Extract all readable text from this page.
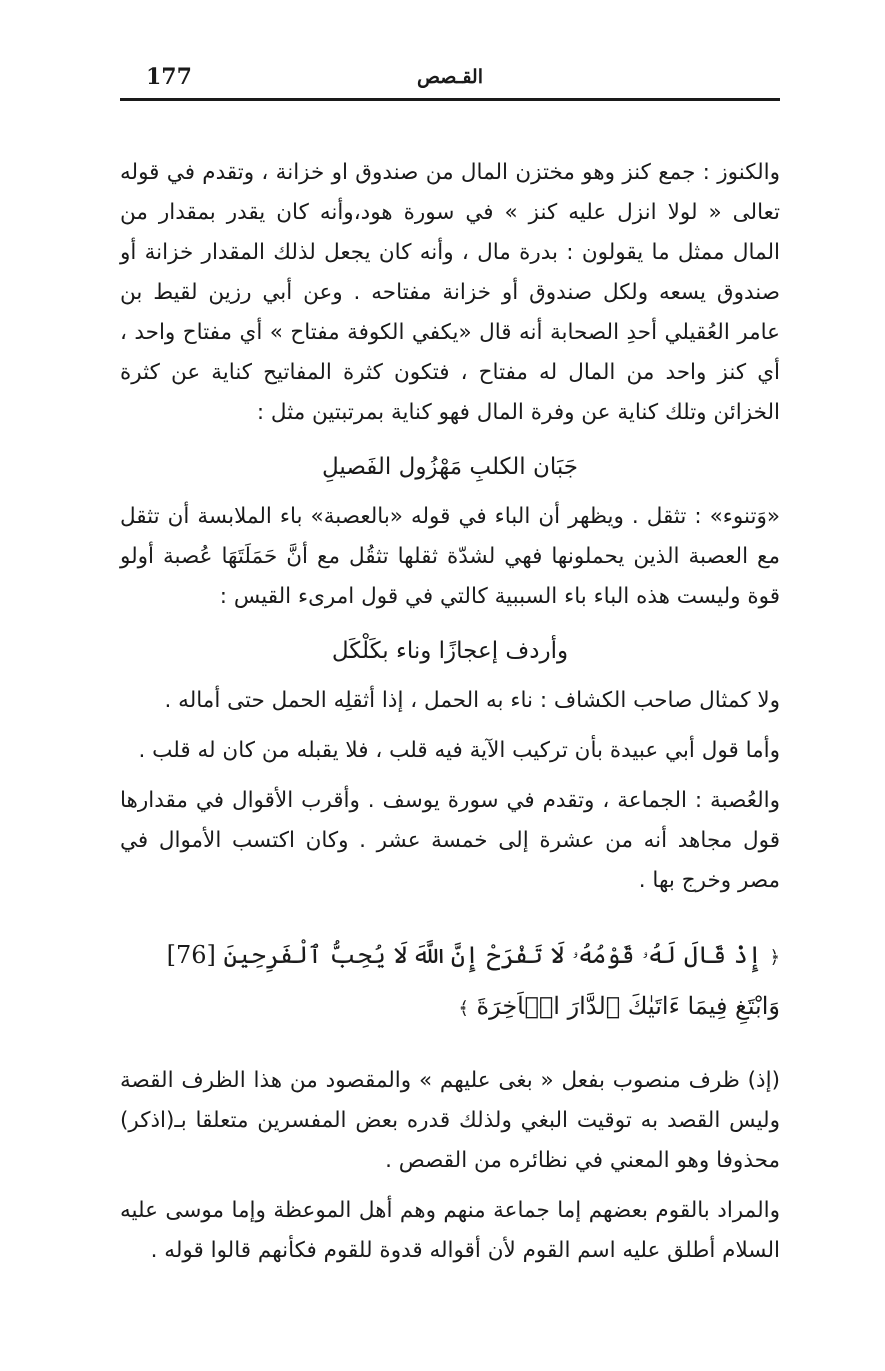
177	القـصص

والكنوز : جمع كنز وهو مختزن المال من صندوق او خزانة ، وتقدم في قوله تعالى « لولا انزل عليه كنز » في سورة هود،وأنه كان يقدر بمقدار من المال ممثل ما يقولون : بدرة مال ، وأنه كان يجعل لذلك المقدار خزانة أو صندوق يسعه ولكل صندوق أو خزانة مفتاحه . وعن أبي رزين لقيط بن عامر العُقيلي أحدِ الصحابة أنه قال «يكفي الكوفة مفتاح » أي مفتاح واحد ، أي كنز واحد من المال له مفتاح ، فتكون كثرة المفاتيح كناية عن كثرة الخزائن وتلك كناية عن وفرة المال فهو كناية بمرتبتين مثل :

جَبَان الكلبِ مَهْزُول الفَصيلِ

«وَتنوء» : تثقل . ويظهر أن الباء في قوله «بالعصبة» باء الملابسة أن تثقل مع العصبة الذين يحملونها فهي لشدّة ثقلها تثقُل مع أنَّ حَمَلَتَهَا عُصبة أولو قوة وليست هذه الباء باء السببية كالتي في قول امرىء القيس :

وأردف إعجازًا وناء بكَلْكَل

ولا كمثال صاحب الكشاف : ناء به الحمل ، إذا أثقلِه الحمل حتى أماله .

وأما قول أبي عبيدة بأن تركيب الآية فيه قلب ، فلا يقبله من كان له قلب .

والعُصبة : الجماعة ، وتقدم في سورة يوسف . وأقرب الأقوال في مقدارها قول مجاهد أنه من عشرة إلى خمسة عشر . وكان اكتسب الأموال في مصر وخرج بها .

﴿ إِذْ قَالَ لَهُۥ قَوْمُهُۥ لَا تَفْرَحْ إِنَّ اللَّهَ لَا يُحِبُّ ٱلْفَرِحِينَ [76] وَابْتَغِ فِيمَا ءَاتَيٰكَ ٱلدَّارَ الۡاَخِرَةَ ﴾

(إذ) ظرف منصوب بفعل « بغى عليهم » والمقصود من هذا الظرف القصة وليس القصد به توقيت البغي ولذلك قدره بعض المفسرين متعلقا بـ(اذكر) محذوفا وهو المعني في نظائره من القصص .

والمراد بالقوم بعضهم إما جماعة منهم وهم أهل الموعظة وإما موسى عليه السلام أطلق عليه اسم القوم لأن أقواله قدوة للقوم فكأنهم قالوا قوله .
